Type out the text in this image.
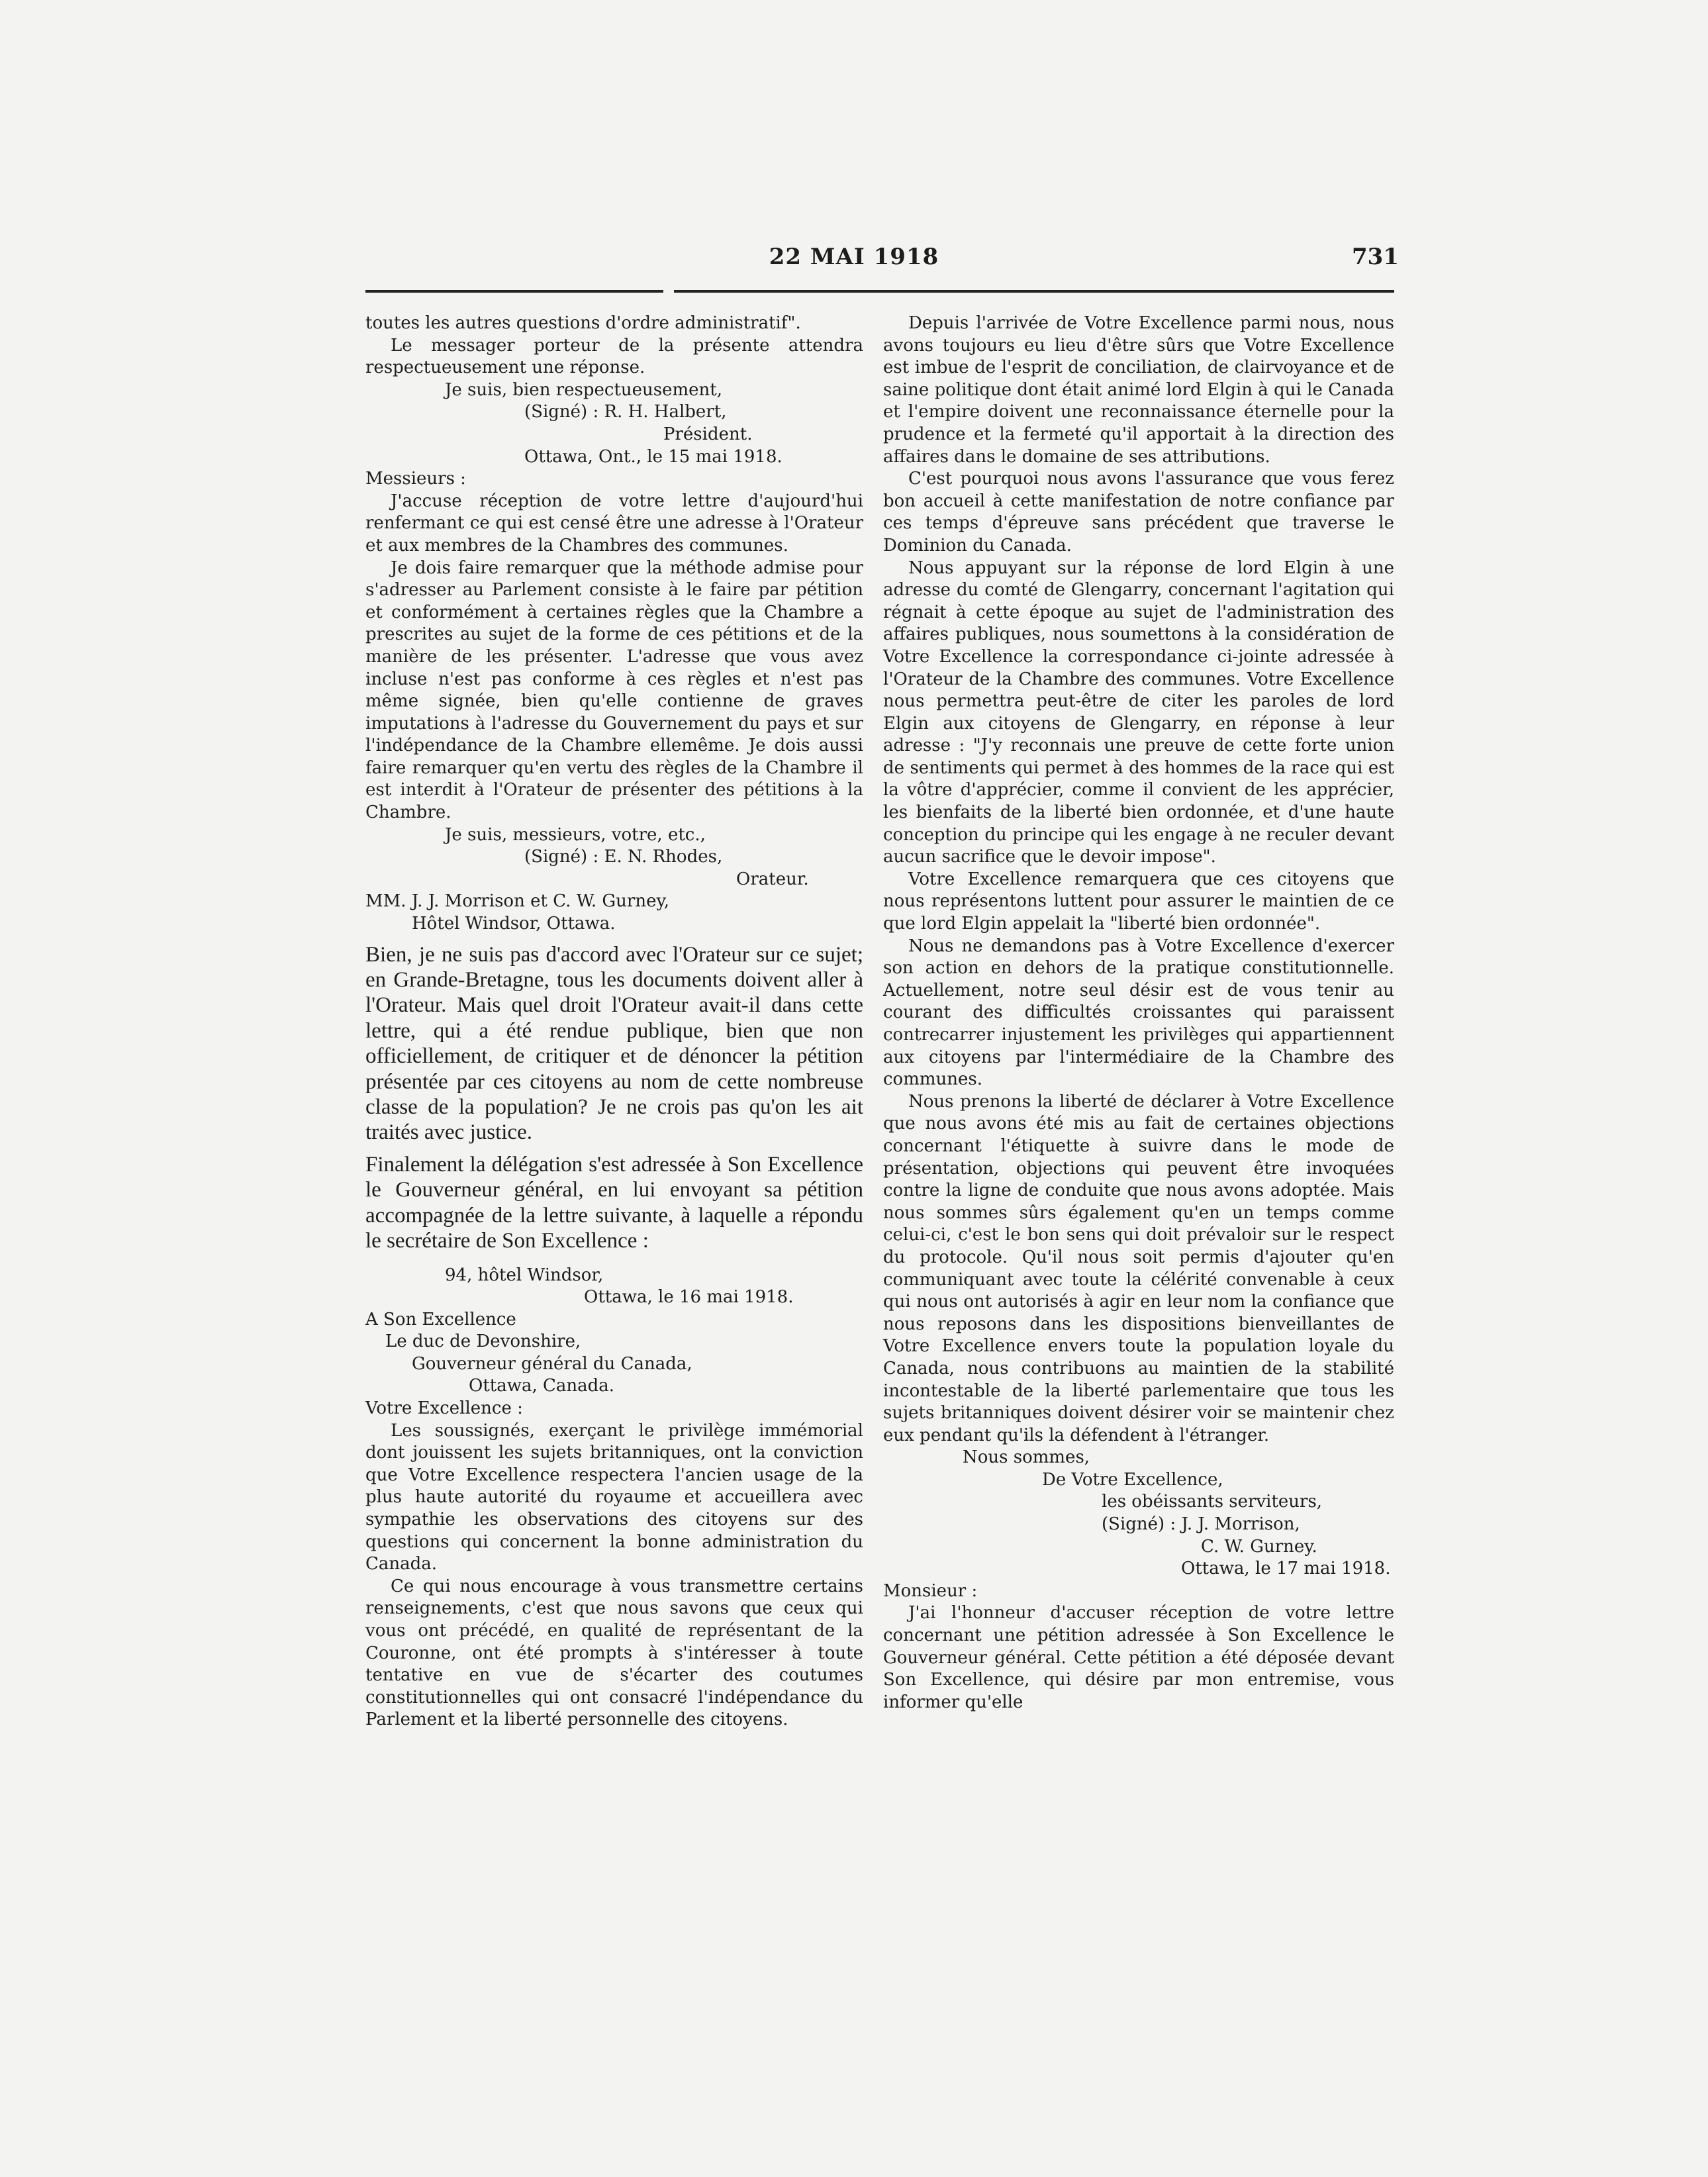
22 MAI 1918	731

toutes les autres questions d'ordre administratif".

Le messager porteur de la présente attendra respectueusement une réponse.

Je suis, bien respectueusement,

(Signé) : R. H. Halbert,

Président.

Ottawa, Ont., le 15 mai 1918.

Messieurs :

J'accuse réception de votre lettre d'aujourd'hui renfermant ce qui est censé être une adresse à l'Orateur et aux membres de la Chambres des communes.

Je dois faire remarquer que la méthode admise pour s'adresser au Parlement consiste à le faire par pétition et conformément à certaines règles que la Chambre a prescrites au sujet de la forme de ces pétitions et de la manière de les présenter. L'adresse que vous avez incluse n'est pas conforme à ces règles et n'est pas même signée, bien qu'elle contienne de graves imputations à l'adresse du Gouvernement du pays et sur l'indépendance de la Chambre ellemême. Je dois aussi faire remarquer qu'en vertu des règles de la Chambre il est interdit à l'Orateur de présenter des pétitions à la Chambre.

Je suis, messieurs, votre, etc.,

(Signé) : E. N. Rhodes,

Orateur.

MM. J. J. Morrison et C. W. Gurney,

Hôtel Windsor, Ottawa.

Bien, je ne suis pas d'accord avec l'Orateur sur ce sujet; en Grande-Bretagne, tous les documents doivent aller à l'Orateur. Mais quel droit l'Orateur avait-il dans cette lettre, qui a été rendue publique, bien que non officiellement, de critiquer et de dénoncer la pétition présentée par ces citoyens au nom de cette nombreuse classe de la population? Je ne crois pas qu'on les ait traités avec justice.

Finalement la délégation s'est adressée à Son Excellence le Gouverneur général, en lui envoyant sa pétition accompagnée de la lettre suivante, à laquelle a répondu le secrétaire de Son Excellence :

94, hôtel Windsor,

Ottawa, le 16 mai 1918.

A Son Excellence

Le duc de Devonshire,

Gouverneur général du Canada,

Ottawa, Canada.

Votre Excellence :

Les soussignés, exerçant le privilège immémorial dont jouissent les sujets britanniques, ont la conviction que Votre Excellence respectera l'ancien usage de la plus haute autorité du royaume et accueillera avec sympathie les observations des citoyens sur des questions qui concernent la bonne administration du Canada.

Ce qui nous encourage à vous transmettre certains renseignements, c'est que nous savons que ceux qui vous ont précédé, en qualité de représentant de la Couronne, ont été prompts à s'intéresser à toute tentative en vue de s'écarter des coutumes constitutionnelles qui ont consacré l'indépendance du Parlement et la liberté personnelle des citoyens.

Depuis l'arrivée de Votre Excellence parmi nous, nous avons toujours eu lieu d'être sûrs que Votre Excellence est imbue de l'esprit de conciliation, de clairvoyance et de saine politique dont était animé lord Elgin à qui le Canada et l'empire doivent une reconnaissance éternelle pour la prudence et la fermeté qu'il apportait à la direction des affaires dans le domaine de ses attributions.

C'est pourquoi nous avons l'assurance que vous ferez bon accueil à cette manifestation de notre confiance par ces temps d'épreuve sans précédent que traverse le Dominion du Canada.

Nous appuyant sur la réponse de lord Elgin à une adresse du comté de Glengarry, concernant l'agitation qui régnait à cette époque au sujet de l'administration des affaires publiques, nous soumettons à la considération de Votre Excellence la correspondance ci-jointe adressée à l'Orateur de la Chambre des communes. Votre Excellence nous permettra peut-être de citer les paroles de lord Elgin aux citoyens de Glengarry, en réponse à leur adresse : "J'y reconnais une preuve de cette forte union de sentiments qui permet à des hommes de la race qui est la vôtre d'apprécier, comme il convient de les apprécier, les bienfaits de la liberté bien ordonnée, et d'une haute conception du principe qui les engage à ne reculer devant aucun sacrifice que le devoir impose".

Votre Excellence remarquera que ces citoyens que nous représentons luttent pour assurer le maintien de ce que lord Elgin appelait la "liberté bien ordonnée".

Nous ne demandons pas à Votre Excellence d'exercer son action en dehors de la pratique constitutionnelle. Actuellement, notre seul désir est de vous tenir au courant des difficultés croissantes qui paraissent contrecarrer injustement les privilèges qui appartiennent aux citoyens par l'intermédiaire de la Chambre des communes.

Nous prenons la liberté de déclarer à Votre Excellence que nous avons été mis au fait de certaines objections concernant l'étiquette à suivre dans le mode de présentation, objections qui peuvent être invoquées contre la ligne de conduite que nous avons adoptée. Mais nous sommes sûrs également qu'en un temps comme celui-ci, c'est le bon sens qui doit prévaloir sur le respect du protocole. Qu'il nous soit permis d'ajouter qu'en communiquant avec toute la célérité convenable à ceux qui nous ont autorisés à agir en leur nom la confiance que nous reposons dans les dispositions bienveillantes de Votre Excellence envers toute la population loyale du Canada, nous contribuons au maintien de la stabilité incontestable de la liberté parlementaire que tous les sujets britanniques doivent désirer voir se maintenir chez eux pendant qu'ils la défendent à l'étranger.

Nous sommes,

De Votre Excellence,

les obéissants serviteurs,

(Signé) : J. J. Morrison,

C. W. Gurney.

Ottawa, le 17 mai 1918.

Monsieur :

J'ai l'honneur d'accuser réception de votre lettre concernant une pétition adressée à Son Excellence le Gouverneur général. Cette pétition a été déposée devant Son Excellence, qui désire par mon entremise, vous informer qu'elle
